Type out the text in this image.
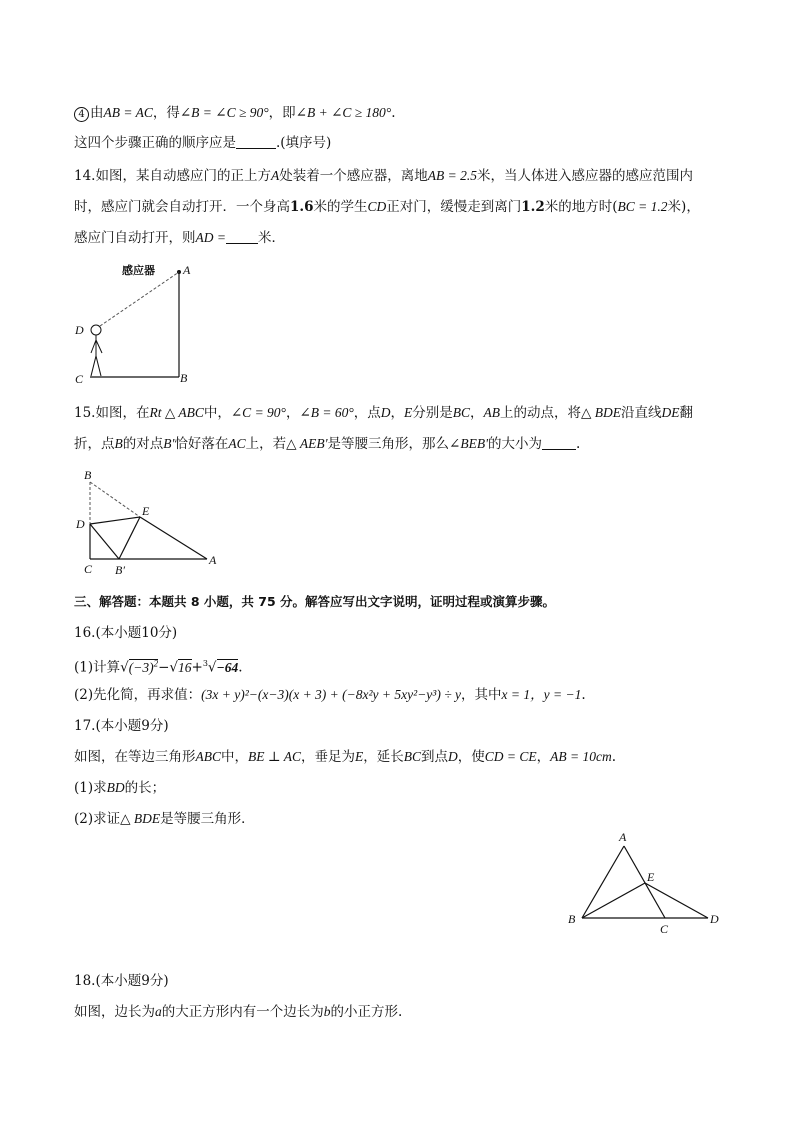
4 由AB = AC，得∠B = ∠C ≥ 90°，即∠B + ∠C ≥ 180°.
这四个步骤正确的顺序应是	.(填序号)
14.如图，某自动感应门的正上方A处装着一个感应器，离地AB = 2.5米，当人体进入感应器的感应范围内
时，感应门就会自动打开．一个身高1.6米的学生CD正对门，缓慢走到离门1.2米的地方时(BC = 1.2米)，
感应门自动打开，则AD = 米．
感应器 A
D
C	B
15.如图，在Rt △ ABC中，∠C = 90°，∠B = 60°，点D，E分别是BC，AB上的动点，将△ BDE沿直线DE翻
折，点B的对点B'恰好落在AC上，若△ AEB'是等腰三角形，那么∠BEB'的大小为	.
B
D
E
C B′
A
三、解答题：本题共 8 小题，共 75 分。解答应写出文字说明，证明过程或演算步骤。
16.(本小题10分)
(1)计算$√(-3)^2-√16+^3√-64$.
(2)先化简，再求值：(3x + y)²−(x−3)(x + 3) + (−8x²y + 5xy²−y³) ÷ y，其中x = 1，y = −1.
17.(本小题9分)
如图，在等边三角形ABC中，BE ⊥ AC，垂足为E，延长BC到点D，使CD = CE，AB = 10cm.
(1)求BD的长；
(2)求证△ BDE是等腰三角形．
A
E
B
C
D
18.(本小题9分)
如图，边长为a的大正方形内有一个边长为b的小正方形.
